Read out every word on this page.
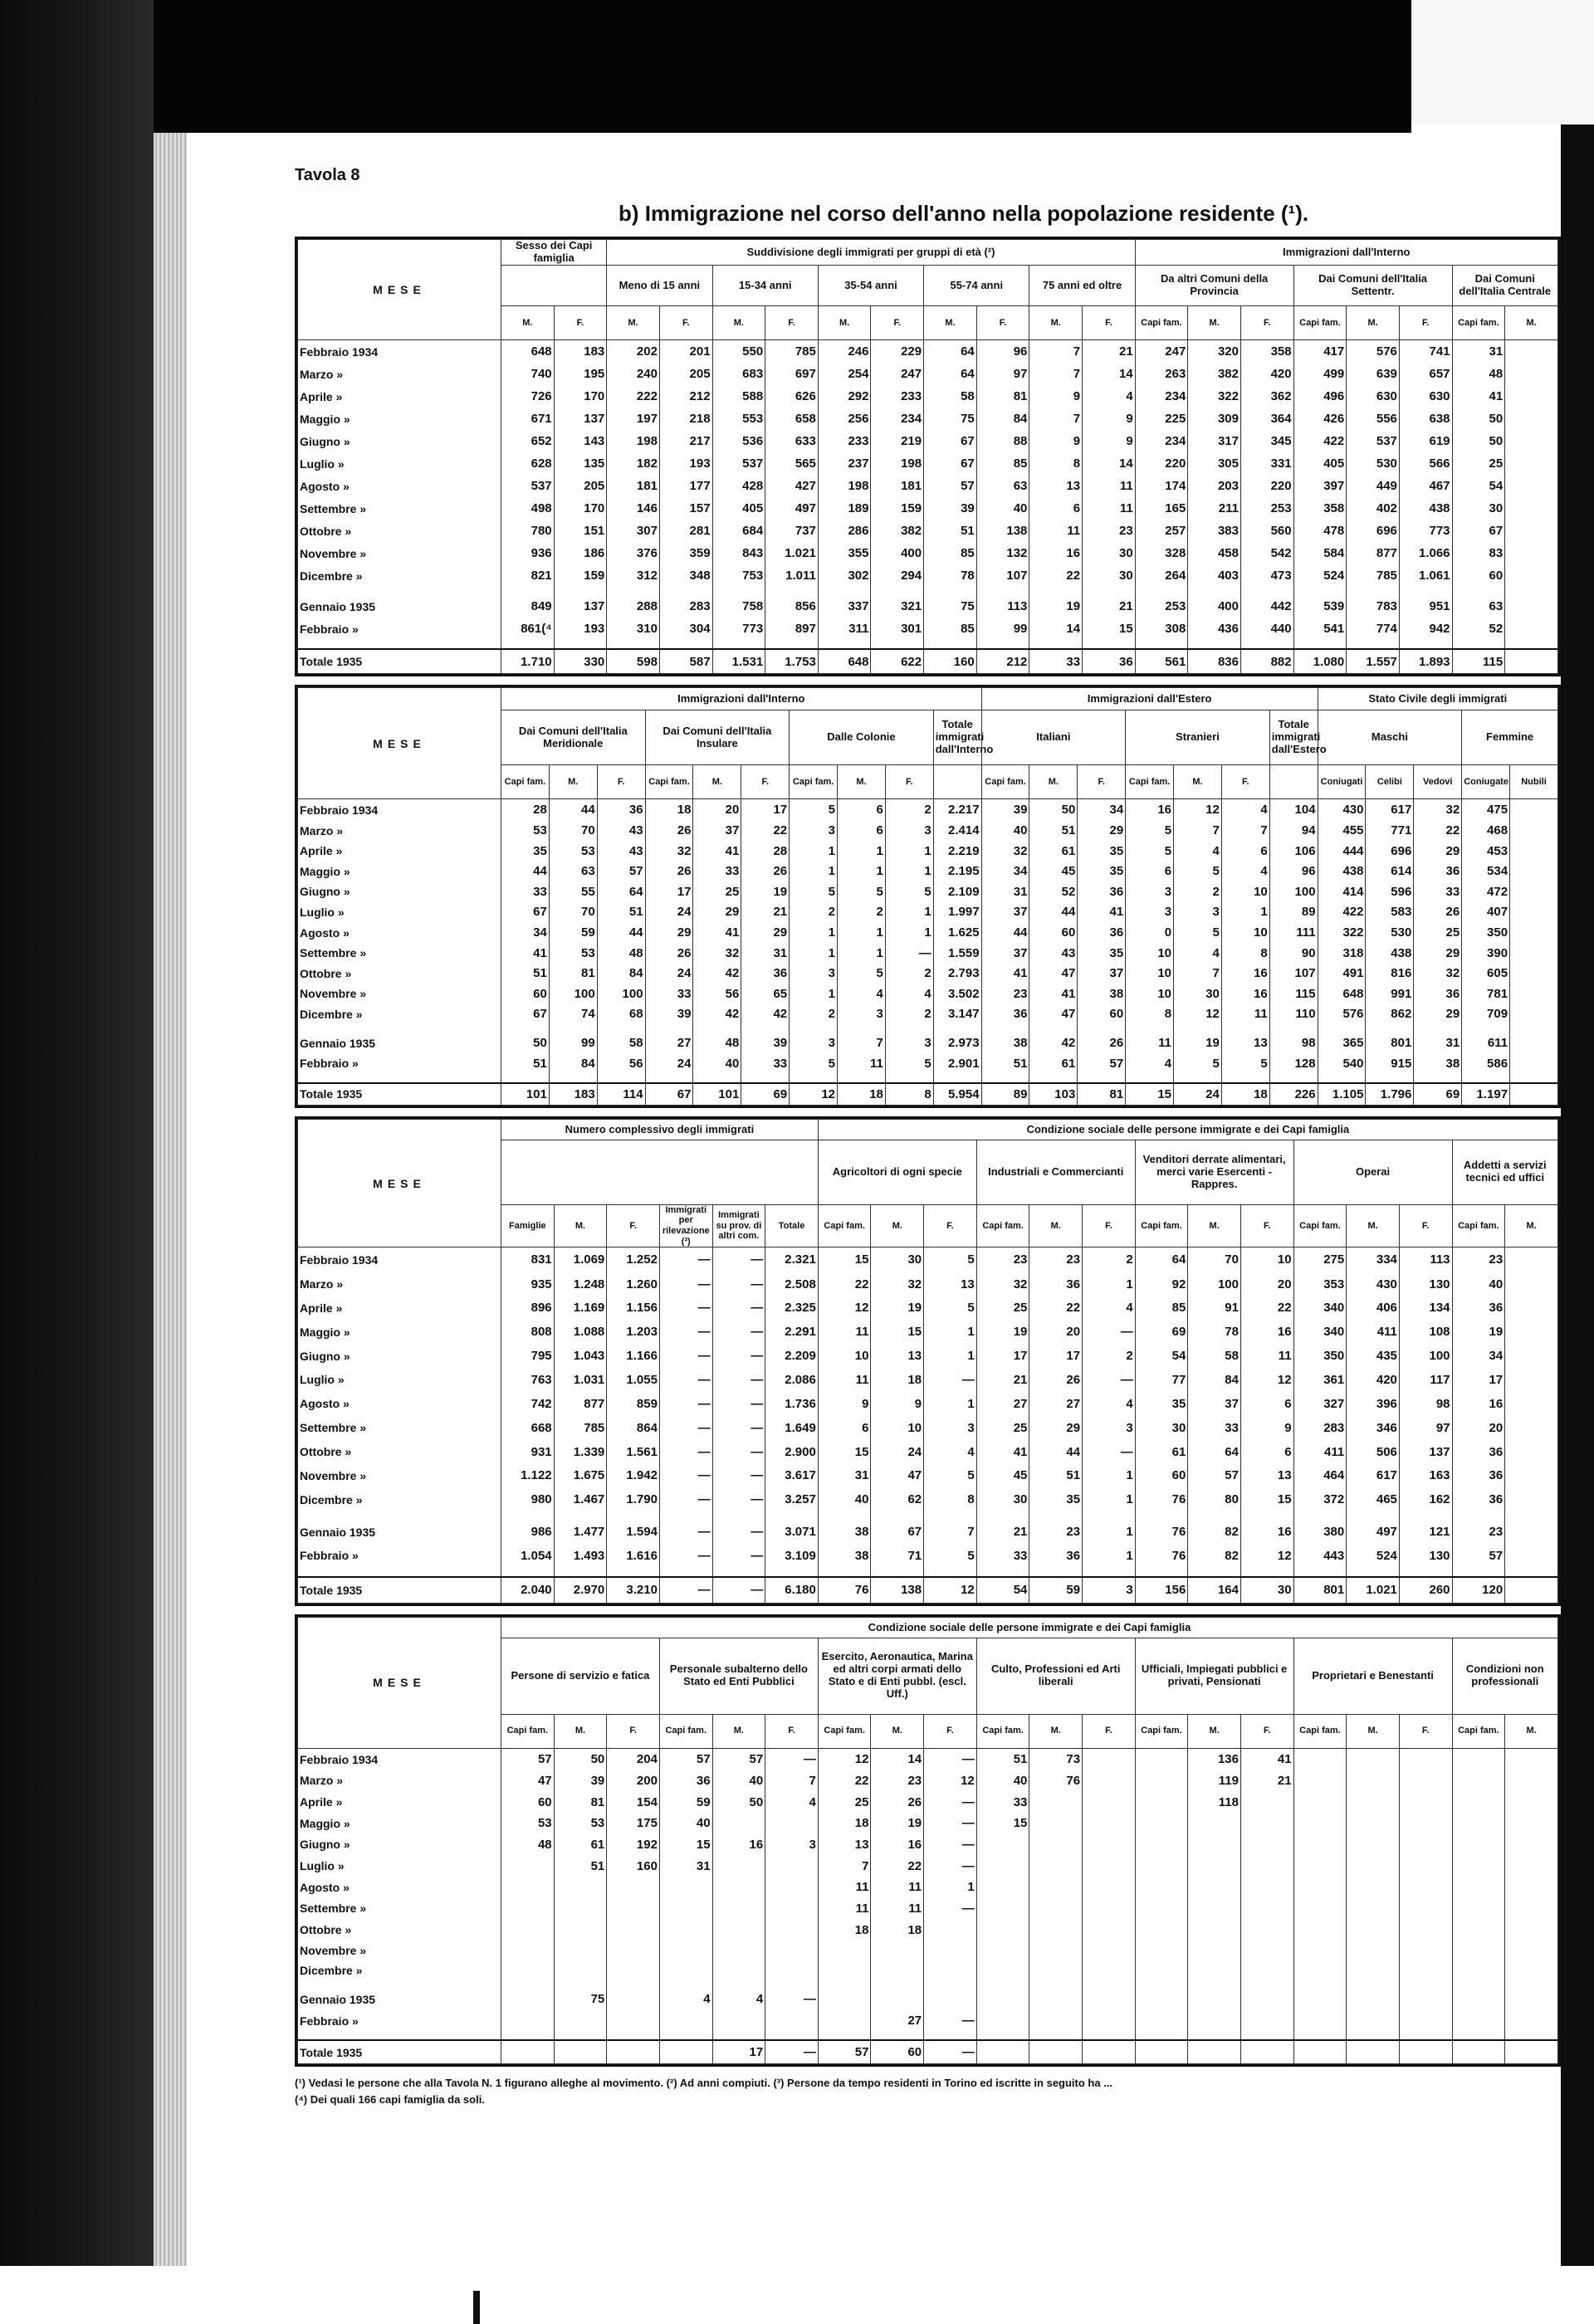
Tavola 8
b) Immigrazione nel corso dell'anno nella popolazione residente (¹).
MESE	Sesso dei Capi famiglia		Suddivisione degli immigrati per gruppi di età (²)										Immigrazioni dall'Interno							
			Meno di 15 anni		15-34 anni		35-54 anni		55-74 anni		75 anni ed oltre		Da altri Comuni della Provincia			Dai Comuni dell'Italia Settentr.			Dai Comuni dell'Italia Centrale	
	M.	F.	M.	F.	M.	F.	M.	F.	M.	F.	M.	F.	Capi fam.	M.	F.	Capi fam.	M.	F.	Capi fam.	M.
Febbraio 1934	648	183	202	201	550	785	246	229	64	96	7	21	247	320	358	417	576	741	31	
Marzo »	740	195	240	205	683	697	254	247	64	97	7	14	263	382	420	499	639	657	48	
Aprile »	726	170	222	212	588	626	292	233	58	81	9	4	234	322	362	496	630	630	41	
Maggio »	671	137	197	218	553	658	256	234	75	84	7	9	225	309	364	426	556	638	50	
Giugno »	652	143	198	217	536	633	233	219	67	88	9	9	234	317	345	422	537	619	50	
Luglio »	628	135	182	193	537	565	237	198	67	85	8	14	220	305	331	405	530	566	25	
Agosto »	537	205	181	177	428	427	198	181	57	63	13	11	174	203	220	397	449	467	54	
Settembre »	498	170	146	157	405	497	189	159	39	40	6	11	165	211	253	358	402	438	30	
Ottobre »	780	151	307	281	684	737	286	382	51	138	11	23	257	383	560	478	696	773	67	
Novembre »	936	186	376	359	843	1.021	355	400	85	132	16	30	328	458	542	584	877	1.066	83	
Dicembre »	821	159	312	348	753	1.011	302	294	78	107	22	30	264	403	473	524	785	1.061	60	

Gennaio 1935	849	137	288	283	758	856	337	321	75	113	19	21	253	400	442	539	783	951	63	
Febbraio »	861(⁴	193	310	304	773	897	311	301	85	99	14	15	308	436	440	541	774	942	52	

Totale 1935	1.710	330	598	587	1.531	1.753	648	622	160	212	33	36	561	836	882	1.080	1.557	1.893	115	
MESE	Immigrazioni dall'Interno										Immigrazioni dall'Estero							Stato Civile degli immigrati				
	Dai Comuni dell'Italia Meridionale			Dai Comuni dell'Italia Insulare			Dalle Colonie			Totale immigrati dall'Interno	Italiani			Stranieri			Totale immigrati dall'Estero	Maschi			Femmine	
	Capi fam.	M.	F.	Capi fam.	M.	F.	Capi fam.	M.	F.		Capi fam.	M.	F.	Capi fam.	M.	F.		Coniugati	Celibi	Vedovi	Coniugate	Nubili
Febbraio 1934	28	44	36	18	20	17	5	6	2	2.217	39	50	34	16	12	4	104	430	617	32	475	
Marzo »	53	70	43	26	37	22	3	6	3	2.414	40	51	29	5	7	7	94	455	771	22	468	
Aprile »	35	53	43	32	41	28	1	1	1	2.219	32	61	35	5	4	6	106	444	696	29	453	
Maggio »	44	63	57	26	33	26	1	1	1	2.195	34	45	35	6	5	4	96	438	614	36	534	
Giugno »	33	55	64	17	25	19	5	5	5	2.109	31	52	36	3	2	10	100	414	596	33	472	
Luglio »	67	70	51	24	29	21	2	2	1	1.997	37	44	41	3	3	1	89	422	583	26	407	
Agosto »	34	59	44	29	41	29	1	1	1	1.625	44	60	36	0	5	10	111	322	530	25	350	
Settembre »	41	53	48	26	32	31	1	1	—	1.559	37	43	35	10	4	8	90	318	438	29	390	
Ottobre »	51	81	84	24	42	36	3	5	2	2.793	41	47	37	10	7	16	107	491	816	32	605	
Novembre »	60	100	100	33	56	65	1	4	4	3.502	23	41	38	10	30	16	115	648	991	36	781	
Dicembre »	67	74	68	39	42	42	2	3	2	3.147	36	47	60	8	12	11	110	576	862	29	709	

Gennaio 1935	50	99	58	27	48	39	3	7	3	2.973	38	42	26	11	19	13	98	365	801	31	611	
Febbraio »	51	84	56	24	40	33	5	11	5	2.901	51	61	57	4	5	5	128	540	915	38	586	

Totale 1935	101	183	114	67	101	69	12	18	8	5.954	89	103	81	15	24	18	226	1.105	1.796	69	1.197	
MESE	Numero complessivo degli immigrati						Condizione sociale delle persone immigrate e dei Capi famiglia													
							Agricoltori di ogni specie			Industriali e Commercianti			Venditori derrate alimentari, merci varie Esercenti - Rappres.			Operai			Addetti a servizi tecnici ed uffici	
	Famiglie	M.	F.	Immigrati per rilevazione (³)	Immigrati su prov. di altri com.	Totale	Capi fam.	M.	F.	Capi fam.	M.	F.	Capi fam.	M.	F.	Capi fam.	M.	F.	Capi fam.	M.
Febbraio 1934	831	1.069	1.252	—	—	2.321	15	30	5	23	23	2	64	70	10	275	334	113	23	
Marzo »	935	1.248	1.260	—	—	2.508	22	32	13	32	36	1	92	100	20	353	430	130	40	
Aprile »	896	1.169	1.156	—	—	2.325	12	19	5	25	22	4	85	91	22	340	406	134	36	
Maggio »	808	1.088	1.203	—	—	2.291	11	15	1	19	20	—	69	78	16	340	411	108	19	
Giugno »	795	1.043	1.166	—	—	2.209	10	13	1	17	17	2	54	58	11	350	435	100	34	
Luglio »	763	1.031	1.055	—	—	2.086	11	18	—	21	26	—	77	84	12	361	420	117	17	
Agosto »	742	877	859	—	—	1.736	9	9	1	27	27	4	35	37	6	327	396	98	16	
Settembre »	668	785	864	—	—	1.649	6	10	3	25	29	3	30	33	9	283	346	97	20	
Ottobre »	931	1.339	1.561	—	—	2.900	15	24	4	41	44	—	61	64	6	411	506	137	36	
Novembre »	1.122	1.675	1.942	—	—	3.617	31	47	5	45	51	1	60	57	13	464	617	163	36	
Dicembre »	980	1.467	1.790	—	—	3.257	40	62	8	30	35	1	76	80	15	372	465	162	36	

Gennaio 1935	986	1.477	1.594	—	—	3.071	38	67	7	21	23	1	76	82	16	380	497	121	23	
Febbraio »	1.054	1.493	1.616	—	—	3.109	38	71	5	33	36	1	76	82	12	443	524	130	57	

Totale 1935	2.040	2.970	3.210	—	—	6.180	76	138	12	54	59	3	156	164	30	801	1.021	260	120	
MESE	Condizione sociale delle persone immigrate e dei Capi famiglia																			
	Persone di servizio e fatica			Personale subalterno dello Stato ed Enti Pubblici			Esercito, Aeronautica, Marina ed altri corpi armati dello Stato e di Enti pubbl. (escl. Uff.)			Culto, Professioni ed Arti liberali			Ufficiali, Impiegati pubblici e privati, Pensionati			Proprietari e Benestanti			Condizioni non professionali	
	Capi fam.	M.	F.	Capi fam.	M.	F.	Capi fam.	M.	F.	Capi fam.	M.	F.	Capi fam.	M.	F.	Capi fam.	M.	F.	Capi fam.	M.
Febbraio 1934	57	50	204	57	57	—	12	14	—	51	73			136	41					
Marzo »	47	39	200	36	40	7	22	23	12	40	76			119	21					
Aprile »	60	81	154	59	50	4	25	26	—	33				118						
Maggio »	53	53	175	40			18	19	—	15										
Giugno »	48	61	192	15	16	3	13	16	—											
Luglio »		51	160	31			7	22	—											
Agosto »							11	11	1											
Settembre »							11	11	—											
Ottobre »							18	18												
Novembre »																				
Dicembre »																				

Gennaio 1935		75		4	4	—														
Febbraio »								27	—											

Totale 1935					17	—	57	60	—											
(¹) Vedasi le persone che alla Tavola N. 1 figurano alleghe al movimento. (²) Ad anni compiuti. (³) Persone da tempo residenti in Torino ed iscritte in seguito ha ...
(⁴) Dei quali 166 capi famiglia da soli.
